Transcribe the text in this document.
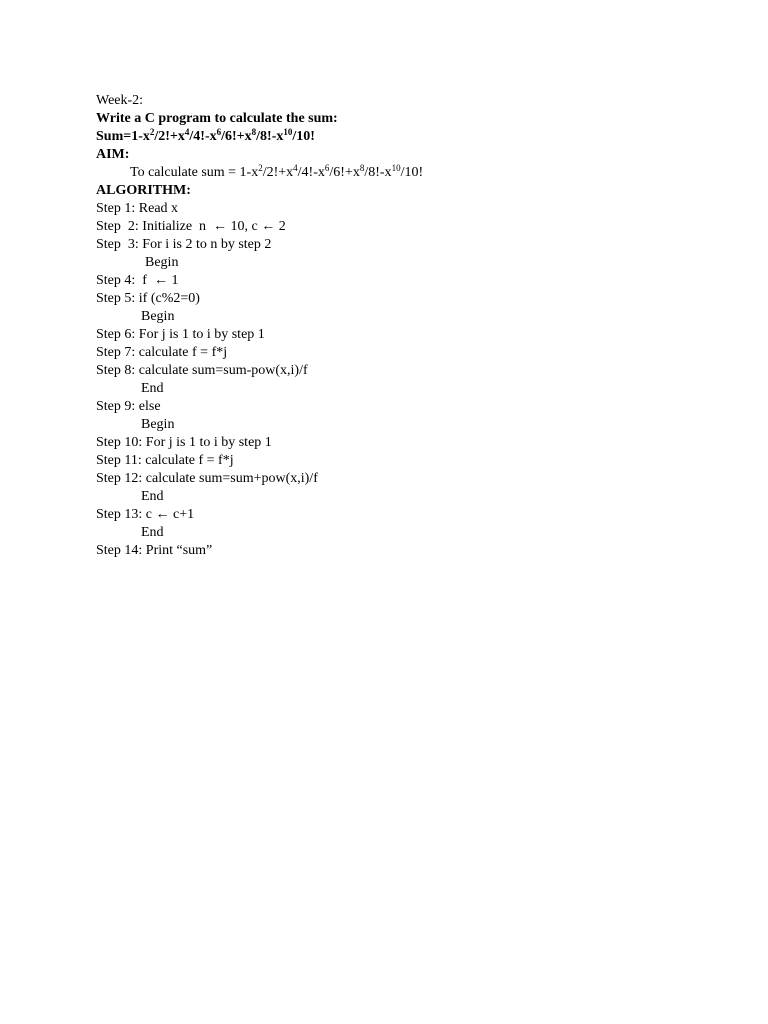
Week-2:
Write a C program to calculate the sum:
$Sum=1-x^2/2!+x^4/4!-x^6/6!+x^8/8!-x^{10}/10$!
AIM:
To calculate sum = $1-x^2/2!+x^4/4!-x^6/6!+x^8/8!-x^{10}/10$!
ALGORITHM:
Step 1: Read x
Step  2: Initialize  n  ← 10, c ← 2
Step  3: For i is 2 to n by step 2
Begin
Step 4:  f  ← 1
Step 5: if (c%2=0)
Begin
Step 6: For j is 1 to i by step 1
Step 7: calculate f = f*j
Step 8: calculate sum=sum-pow(x,i)/f
End
Step 9: else
Begin
Step 10: For j is 1 to i by step 1
Step 11: calculate f = f*j
Step 12: calculate sum=sum+pow(x,i)/f
End
Step 13: c ← c+1
End
Step 14: Print “sum”
